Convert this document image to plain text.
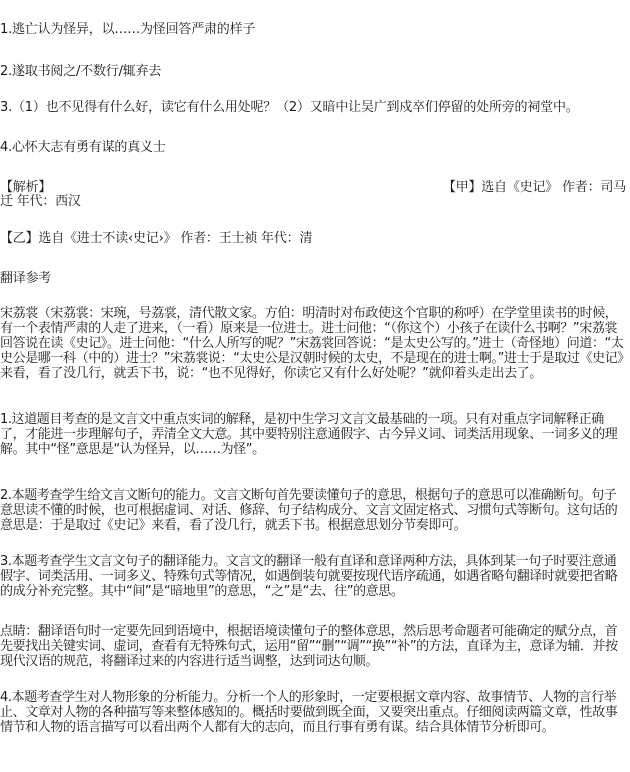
1.逃亡认为怪异，以……为怪回答严肃的样子
2.遂取书阅之/不数行/辄弃去
3.（1）也不见得有什么好，读它有什么用处呢？（2）又暗中让吴广到戍卒们停留的处所旁的祠堂中。
4.心怀大志有勇有谋的真义士
【解析】	【甲】选自《史记》 作者：司马
迁 年代：西汉
【乙】选自《进士不读‹史记›》 作者：王士祯 年代：清
翻译参考
宋荔裳（宋荔裳：宋琬，号荔裳，清代散文家。方伯：明清时对布政使这个官职的称呼）在学堂里读书的时候，有一个表情严肃的人走了进来，（一看）原来是一位进士。进士问他：“（你这个）小孩子在读什么书啊？”宋荔裳回答说在读《史记》。进士问他：“什么人所写的呢？”宋荔裳回答说：“是太史公写的。”进士（奇怪地）问道：“太史公是哪一科（中的）进士？”宋荔裳说：“太史公是汉朝时候的太史，不是现在的进士啊。”进士于是取过《史记》来看，看了没几行，就丢下书，说：“也不见得好，你读它又有什么好处呢？”就仰着头走出去了。
1.这道题目考查的是文言文中重点实词的解释，是初中生学习文言文最基础的一项。只有对重点字词解释正确了，才能进一步理解句子，弄清全文大意。其中要特别注意通假字、古今异义词、词类活用现象、一词多义的理解。其中“怪”意思是“认为怪异，以……为怪”。
2.本题考查学生给文言文断句的能力。文言文断句首先要读懂句子的意思，根据句子的意思可以准确断句。句子意思读不懂的时候，也可根据虚词、对话、修辞、句子结构成分、文言文固定格式、习惯句式等断句。这句话的意思是：于是取过《史记》来看，看了没几行，就丢下书。根据意思划分节奏即可。
3.本题考查学生文言文句子的翻译能力。文言文的翻译一般有直译和意译两种方法，具体到某一句子时要注意通假字、词类活用、一词多义、特殊句式等情况，如遇倒装句就要按现代语序疏通，如遇省略句翻译时就要把省略的成分补充完整。其中“间”是“暗地里”的意思，“之”是“去、往”的意思。
点睛：翻译语句时一定要先回到语境中，根据语境读懂句子的整体意思，然后思考命题者可能确定的赋分点，首先要找出关键实词、虚词，查看有无特殊句式，运用“留”“删”“调”“换”“补”的方法，直译为主，意译为辅．并按现代汉语的规范，将翻译过来的内容进行适当调整，达到词达句顺。
4.本题考查学生对人物形象的分析能力。分析一个人的形象时，一定要根据文章内容、故事情节、人物的言行举止、文章对人物的各种描写等来整体感知的。概括时要做到既全面，又要突出重点。仔细阅读两篇文章，性故事情节和人物的语言描写可以看出两个人都有大的志向，而且行事有勇有谋。结合具体情节分析即可。
